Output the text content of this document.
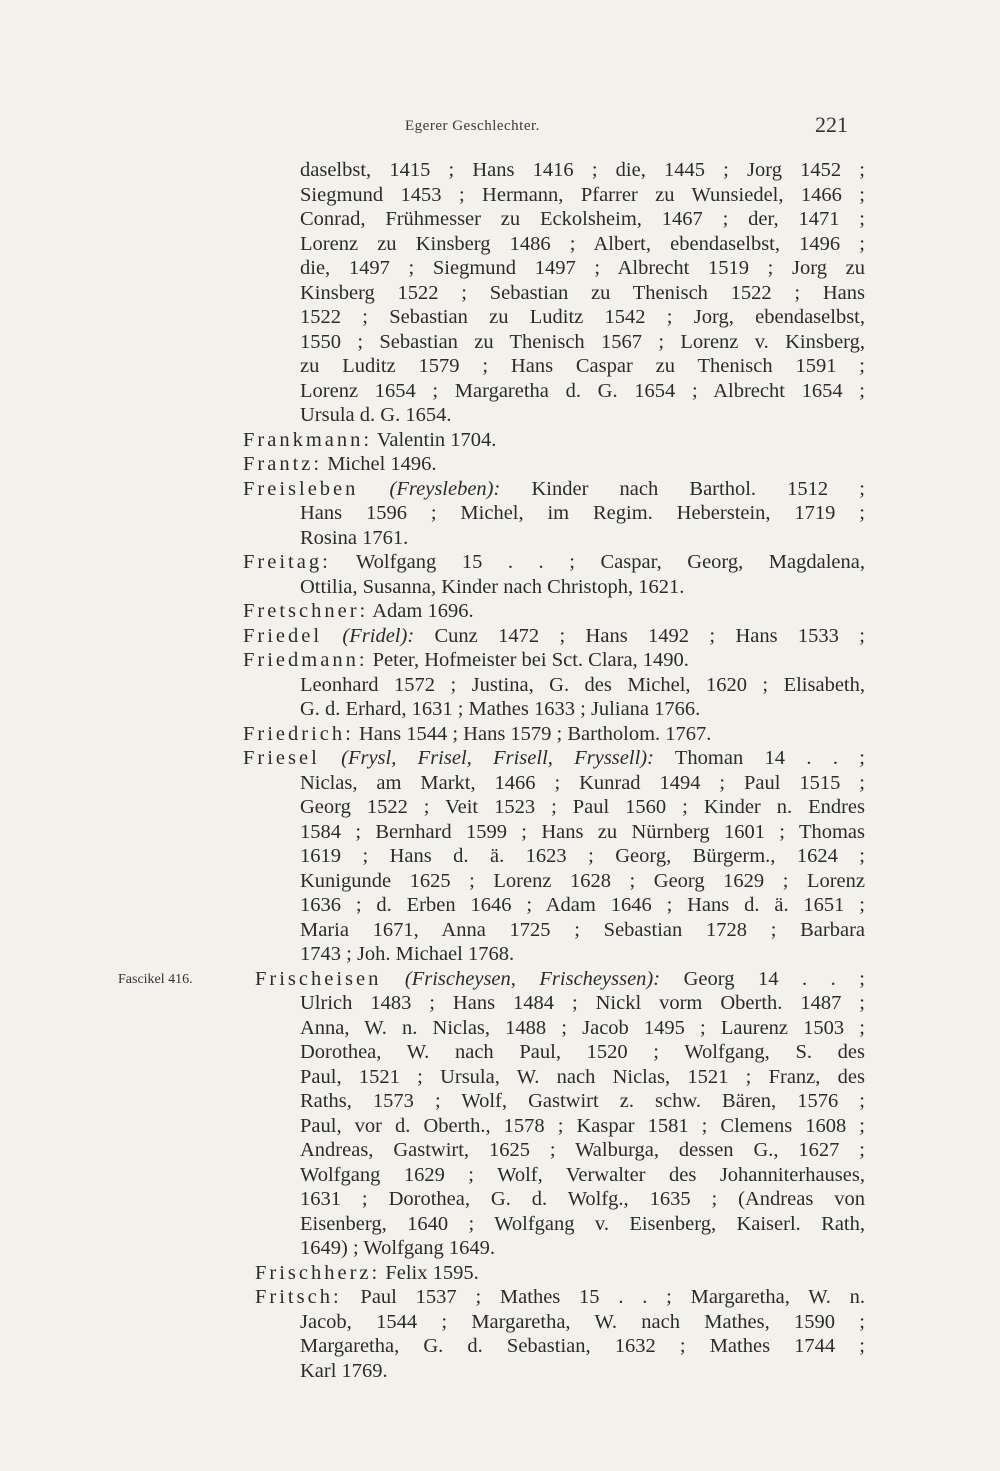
Egerer Geschlechter.	221
daselbst, 1415 ; Hans 1416 ; die, 1445 ; Jorg 1452 ;
Siegmund 1453 ; Hermann, Pfarrer zu Wunsiedel, 1466 ;
Conrad, Frühmesser zu Eckolsheim, 1467 ; der, 1471 ;
Lorenz zu Kinsberg 1486 ; Albert, ebendaselbst, 1496 ;
die, 1497 ; Siegmund 1497 ; Albrecht 1519 ; Jorg zu
Kinsberg 1522 ; Sebastian zu Thenisch 1522 ; Hans
1522 ; Sebastian zu Luditz 1542 ; Jorg, ebendaselbst,
1550 ; Sebastian zu Thenisch 1567 ; Lorenz v. Kinsberg,
zu Luditz 1579 ; Hans Caspar zu Thenisch 1591 ;
Lorenz 1654 ; Margaretha d. G. 1654 ; Albrecht 1654 ;
Ursula d. G. 1654.
Frankmann: Valentin 1704.
Frantz: Michel 1496.
Freisleben (Freysleben): Kinder nach Barthol. 1512 ;
Hans 1596 ; Michel, im Regim. Heberstein, 1719 ;
Rosina 1761.
Freitag: Wolfgang 15 . . ; Caspar, Georg, Magdalena,
Ottilia, Susanna, Kinder nach Christoph, 1621.
Fretschner: Adam 1696.
Friedel (Fridel): Cunz 1472 ; Hans 1492 ; Hans 1533 ;
Friedmann: Peter, Hofmeister bei Sct. Clara, 1490.
Leonhard 1572 ; Justina, G. des Michel, 1620 ; Elisabeth,
G. d. Erhard, 1631 ; Mathes 1633 ; Juliana 1766.
Friedrich: Hans 1544 ; Hans 1579 ; Bartholom. 1767.
Friesel (Frysl, Frisel, Frisell, Fryssell): Thoman 14 . . ;
Niclas, am Markt, 1466 ; Kunrad 1494 ; Paul 1515 ;
Georg 1522 ; Veit 1523 ; Paul 1560 ; Kinder n. Endres
1584 ; Bernhard 1599 ; Hans zu Nürnberg 1601 ; Thomas
1619 ; Hans d. ä. 1623 ; Georg, Bürgerm., 1624 ;
Kunigunde 1625 ; Lorenz 1628 ; Georg 1629 ; Lorenz
1636 ; d. Erben 1646 ; Adam 1646 ; Hans d. ä. 1651 ;
Maria 1671, Anna 1725 ; Sebastian 1728 ; Barbara
1743 ; Joh. Michael 1768.
Frischeisen (Frischeysen, Frischeyssen): Georg 14 . . ;
Fascikel 416.
Ulrich 1483 ; Hans 1484 ; Nickl vorm Oberth. 1487 ;
Anna, W. n. Niclas, 1488 ; Jacob 1495 ; Laurenz 1503 ;
Dorothea, W. nach Paul, 1520 ; Wolfgang, S. des
Paul, 1521 ; Ursula, W. nach Niclas, 1521 ; Franz, des
Raths, 1573 ; Wolf, Gastwirt z. schw. Bären, 1576 ;
Paul, vor d. Oberth., 1578 ; Kaspar 1581 ; Clemens 1608 ;
Andreas, Gastwirt, 1625 ; Walburga, dessen G., 1627 ;
Wolfgang 1629 ; Wolf, Verwalter des Johanniterhauses,
1631 ; Dorothea, G. d. Wolfg., 1635 ; (Andreas von
Eisenberg, 1640 ; Wolfgang v. Eisenberg, Kaiserl. Rath,
1649) ; Wolfgang 1649.
Frischherz: Felix 1595.
Fritsch: Paul 1537 ; Mathes 15 . . ; Margaretha, W. n.
Jacob, 1544 ; Margaretha, W. nach Mathes, 1590 ;
Margaretha, G. d. Sebastian, 1632 ; Mathes 1744 ;
Karl 1769.
